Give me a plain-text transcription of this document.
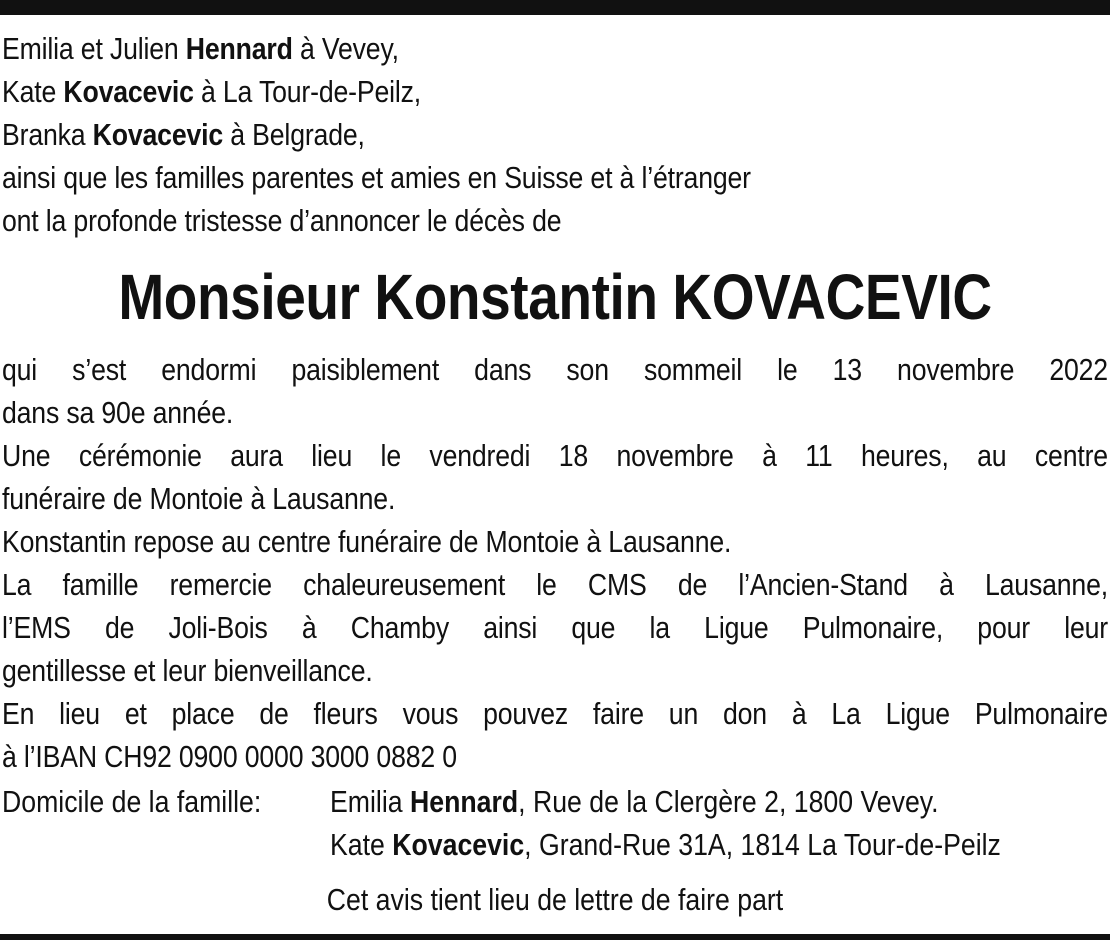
Emilia et Julien Hennard à Vevey,
Kate Kovacevic à La Tour-de-Peilz,
Branka Kovacevic à Belgrade,
ainsi que les familles parentes et amies en Suisse et à l’étranger
ont la profonde tristesse d’annoncer le décès de
Monsieur Konstantin KOVACEVIC
qui s’est endormi paisiblement dans son sommeil le 13 novembre 2022
dans sa 90e année.
Une cérémonie aura lieu le vendredi 18 novembre à 11 heures, au centre
funéraire de Montoie à Lausanne.
Konstantin repose au centre funéraire de Montoie à Lausanne.
La famille remercie chaleureusement le CMS de l’Ancien-Stand à Lausanne,
l’EMS de Joli-Bois à Chamby ainsi que la Ligue Pulmonaire, pour leur
gentillesse et leur bienveillance.
En lieu et place de fleurs vous pouvez faire un don à La Ligue Pulmonaire
à l’IBAN CH92 0900 0000 3000 0882 0
Domicile de la famille: Emilia Hennard, Rue de la Clergère 2, 1800 Vevey.
Kate Kovacevic, Grand-Rue 31A, 1814 La Tour-de-Peilz
Cet avis tient lieu de lettre de faire part
